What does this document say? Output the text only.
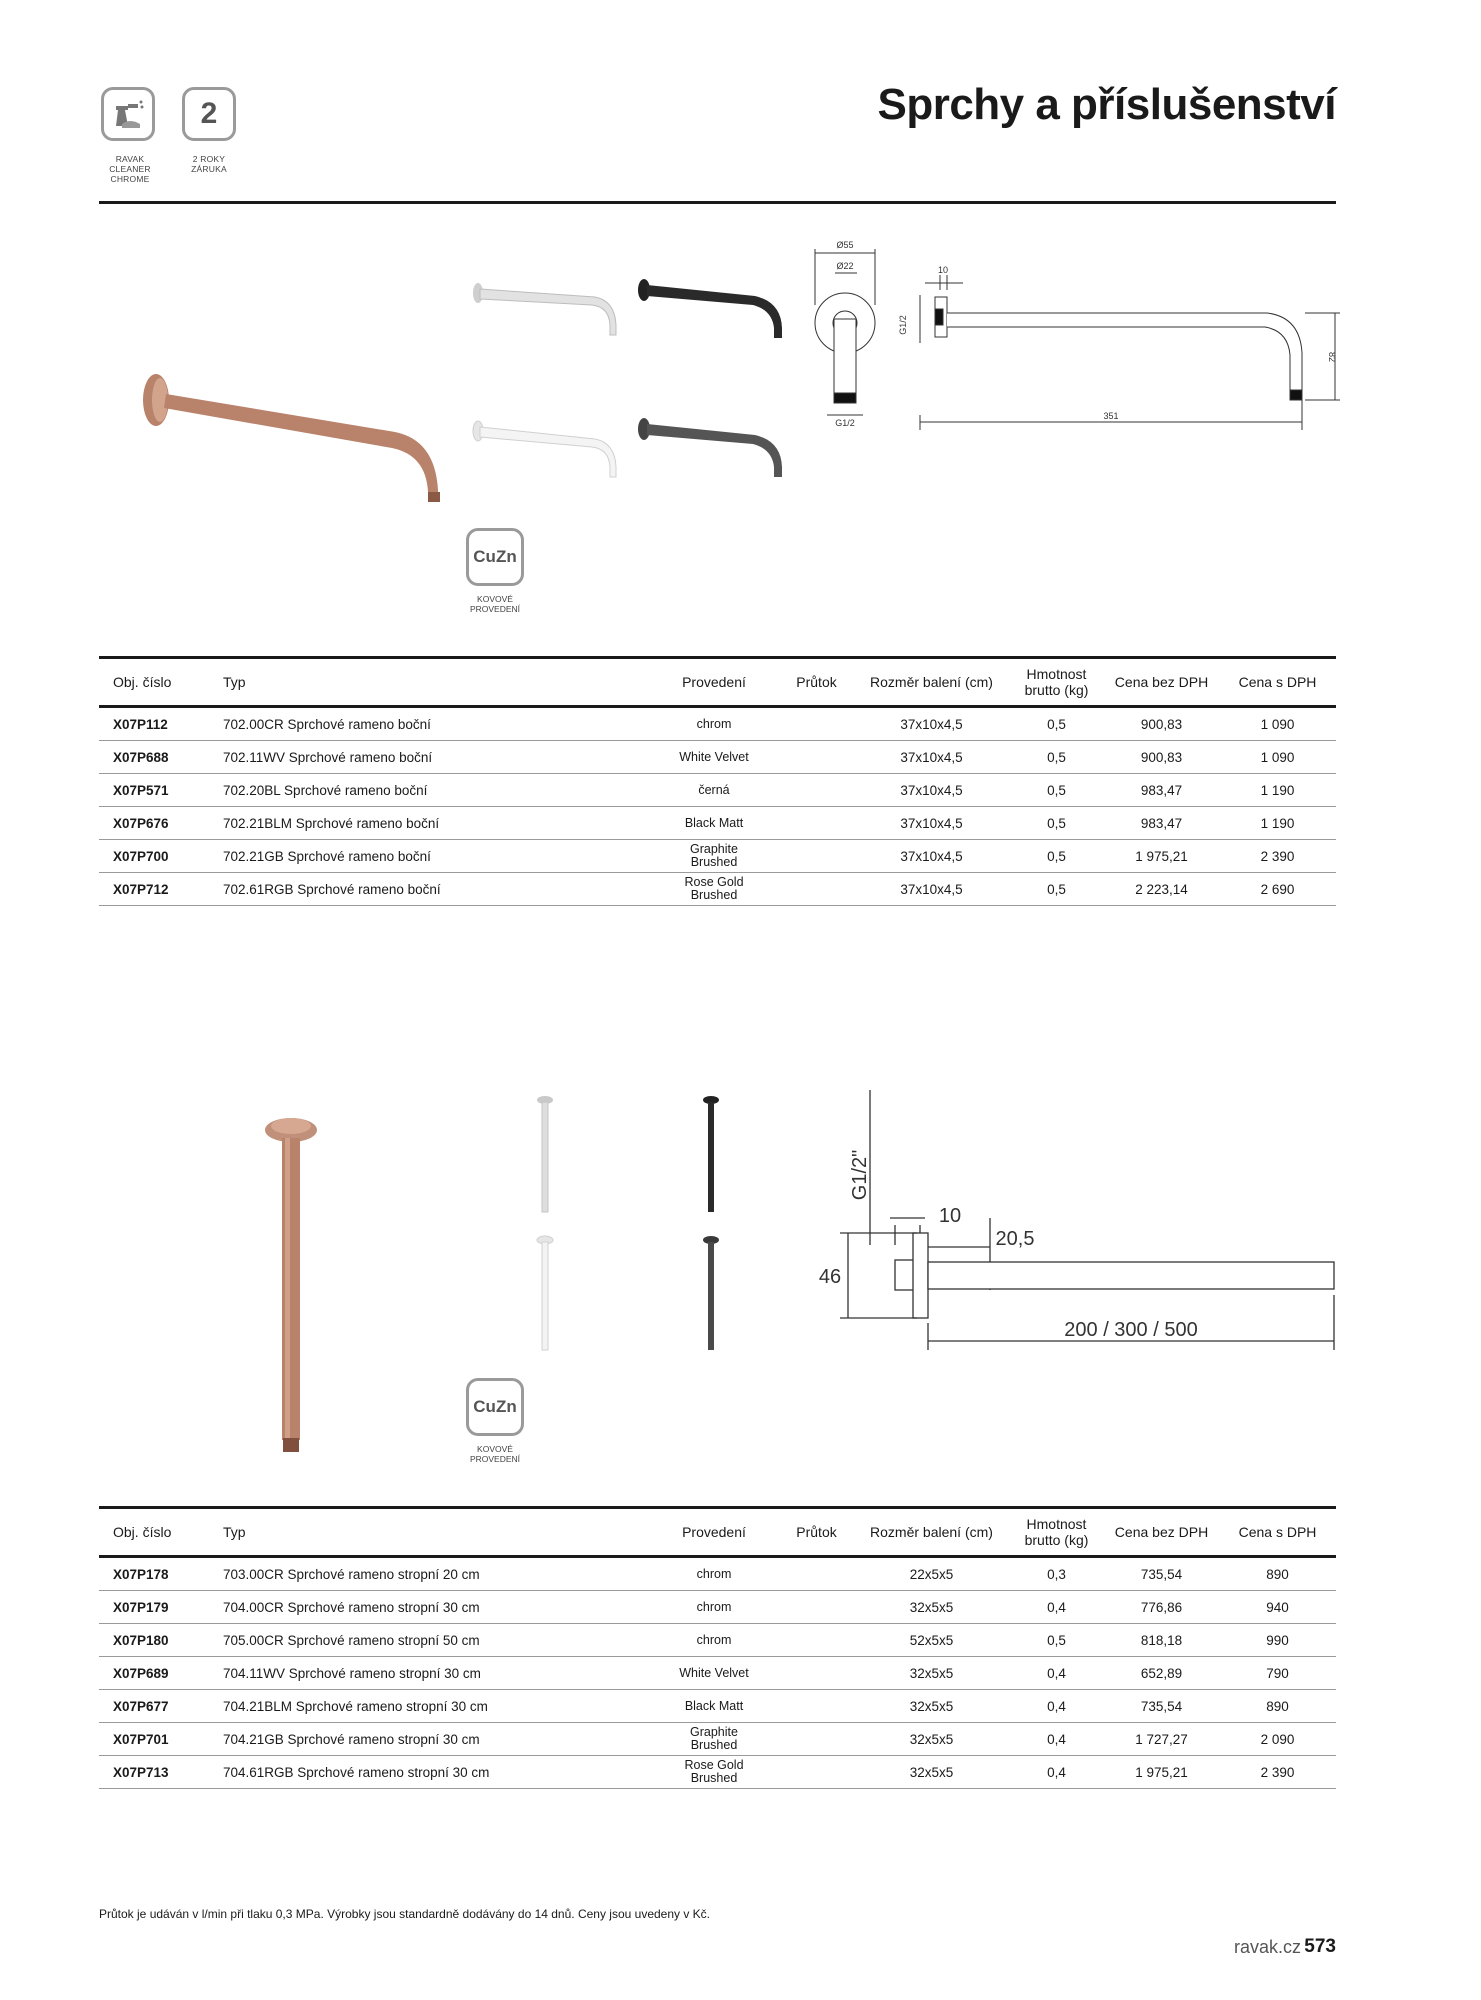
RAVAK
CLEANER
CHROME
2
2 ROKY
ZÁRUKA
Sprchy a příslušenství
Ø55
Ø22
G1/2
G1/2
10
351
82
CuZn
KOVOVÉ
PROVEDENÍ
Obj. číslo	Typ	Provedení	Průtok	Rozměr balení (cm)	Hmotnost
brutto (kg)	Cena bez DPH	Cena s DPH
X07P112	702.00CR Sprchové rameno boční	chrom		37x10x4,5	0,5	900,83	1 090
X07P688	702.11WV Sprchové rameno boční	White Velvet		37x10x4,5	0,5	900,83	1 090
X07P571	702.20BL Sprchové rameno boční	černá		37x10x4,5	0,5	983,47	1 190
X07P676	702.21BLM Sprchové rameno boční	Black Matt		37x10x4,5	0,5	983,47	1 190
X07P700	702.21GB Sprchové rameno boční	Graphite
Brushed		37x10x4,5	0,5	1 975,21	2 390
X07P712	702.61RGB Sprchové rameno boční	Rose Gold
Brushed		37x10x4,5	0,5	2 223,14	2 690
G1/2"
10
20,5
46
200 / 300 / 500
CuZn
KOVOVÉ
PROVEDENÍ
Obj. číslo	Typ	Provedení	Průtok	Rozměr balení (cm)	Hmotnost
brutto (kg)	Cena bez DPH	Cena s DPH
X07P178	703.00CR Sprchové rameno stropní 20 cm	chrom		22x5x5	0,3	735,54	890
X07P179	704.00CR Sprchové rameno stropní 30 cm	chrom		32x5x5	0,4	776,86	940
X07P180	705.00CR Sprchové rameno stropní 50 cm	chrom		52x5x5	0,5	818,18	990
X07P689	704.11WV Sprchové rameno stropní 30 cm	White Velvet		32x5x5	0,4	652,89	790
X07P677	704.21BLM Sprchové rameno stropní 30 cm	Black Matt		32x5x5	0,4	735,54	890
X07P701	704.21GB Sprchové rameno stropní 30 cm	Graphite
Brushed		32x5x5	0,4	1 727,27	2 090
X07P713	704.61RGB Sprchové rameno stropní 30 cm	Rose Gold
Brushed		32x5x5	0,4	1 975,21	2 390
Průtok je udáván v l/min při tlaku 0,3 MPa. Výrobky jsou standardně dodávány do 14 dnů. Ceny jsou uvedeny v Kč.
ravak.cz 573
